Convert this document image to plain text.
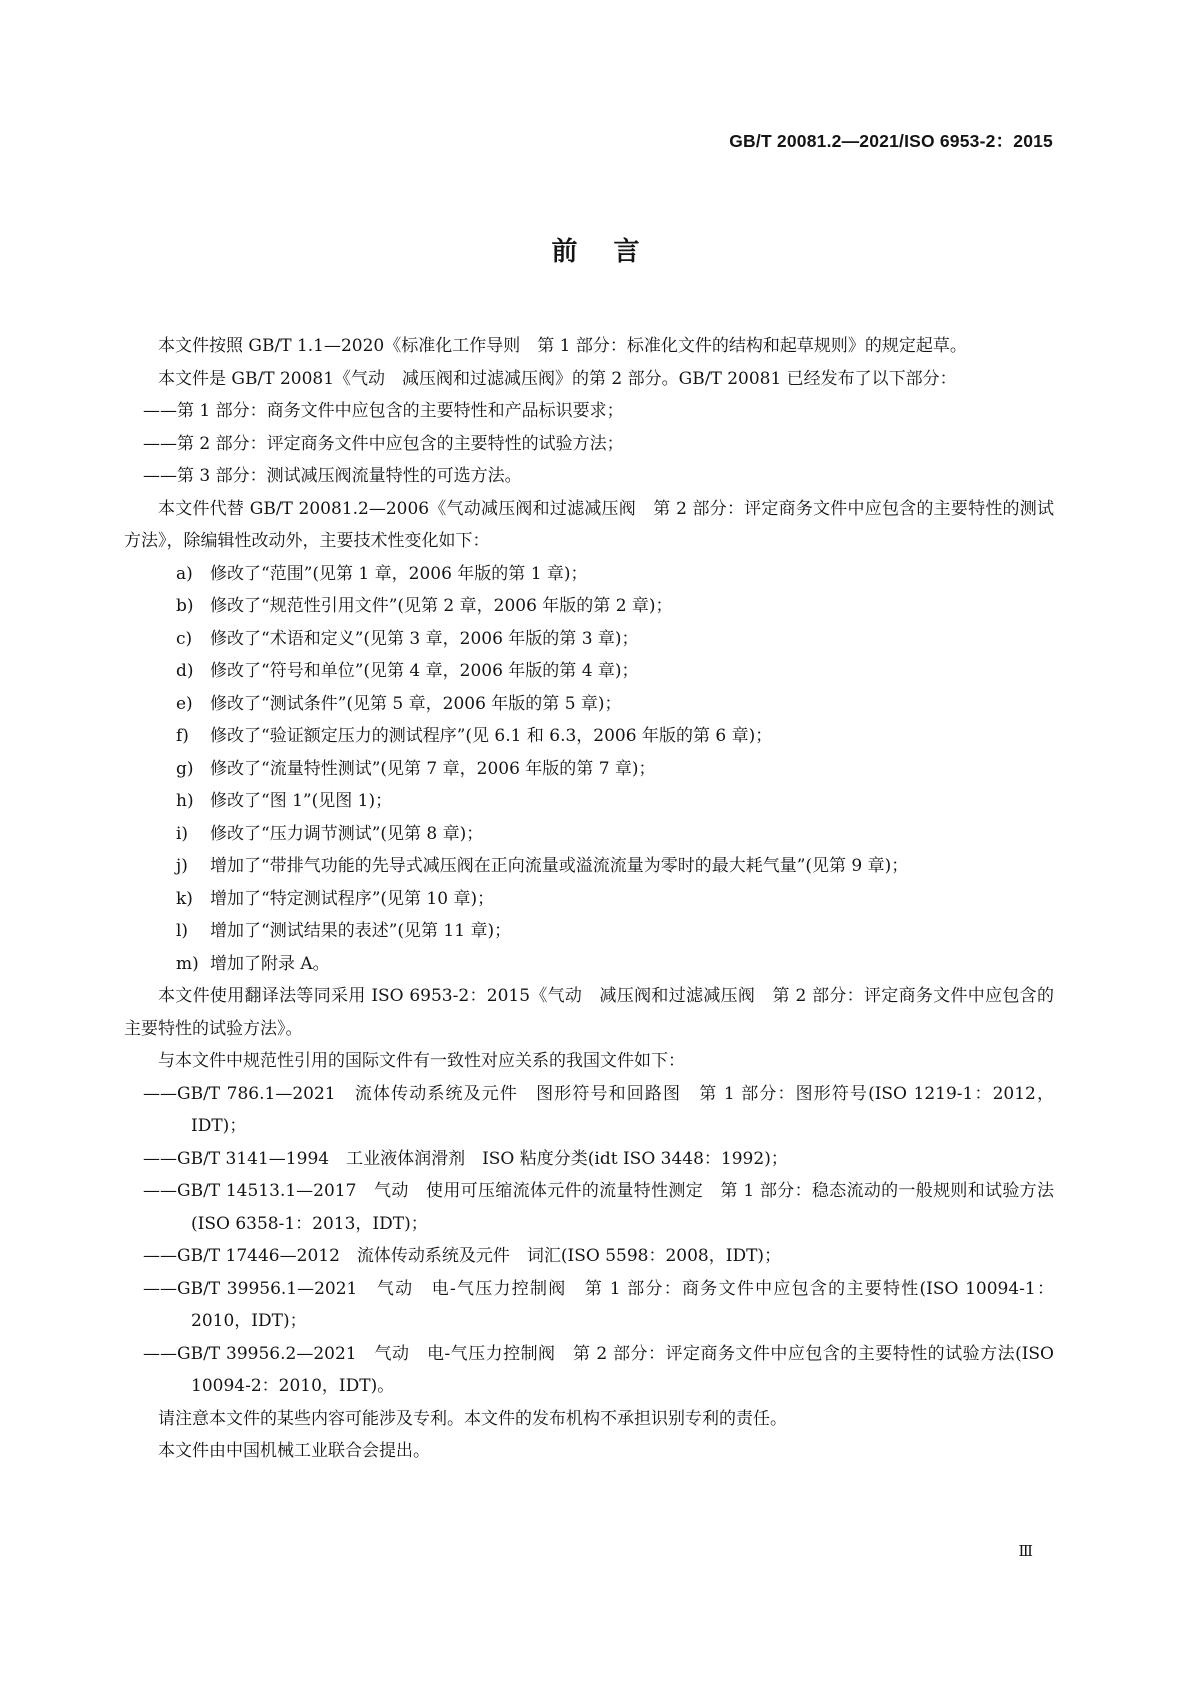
GB/T 20081.2—2021/ISO 6953-2：2015
前言

本文件按照 GB/T 1.1—2020《标准化工作导则　第 1 部分：标准化文件的结构和起草规则》的规定起草。

本文件是 GB/T 20081《气动　减压阀和过滤减压阀》的第 2 部分。GB/T 20081 已经发布了以下部分：

——第 1 部分：商务文件中应包含的主要特性和产品标识要求；

——第 2 部分：评定商务文件中应包含的主要特性的试验方法；

——第 3 部分：测试减压阀流量特性的可选方法。

本文件代替 GB/T 20081.2—2006《气动减压阀和过滤减压阀　第 2 部分：评定商务文件中应包含的主要特性的测试方法》，除编辑性改动外，主要技术性变化如下：

a)	修改了“范围”(见第 1 章，2006 年版的第 1 章)；
b) 修改了“规范性引用文件”(见第 2 章，2006 年版的第 2 章)；
c)	修改了“术语和定义”(见第 3 章，2006 年版的第 3 章)；
d) 修改了“符号和单位”(见第 4 章，2006 年版的第 4 章)；
e)	修改了“测试条件”(见第 5 章，2006 年版的第 5 章)；
f)	修改了“验证额定压力的测试程序”(见 6.1 和 6.3，2006 年版的第 6 章)；
g) 修改了“流量特性测试”(见第 7 章，2006 年版的第 7 章)；
h) 修改了“图 1”(见图 1)；
i)	修改了“压力调节测试”(见第 8 章)；
j)	增加了“带排气功能的先导式减压阀在正向流量或溢流流量为零时的最大耗气量”(见第 9 章)；
k)	增加了“特定测试程序”(见第 10 章)；
l)	增加了“测试结果的表述”(见第 11 章)；
m) 增加了附录 A。

本文件使用翻译法等同采用 ISO 6953-2：2015《气动　减压阀和过滤减压阀　第 2 部分：评定商务文件中应包含的主要特性的试验方法》。

与本文件中规范性引用的国际文件有一致性对应关系的我国文件如下：

——GB/T 786.1—2021　流体传动系统及元件　图形符号和回路图　第 1 部分：图形符号(ISO 1219-1：2012，IDT)；

——GB/T 3141—1994　工业液体润滑剂　ISO 粘度分类(idt ISO 3448：1992)；

——GB/T 14513.1—2017　气动　使用可压缩流体元件的流量特性测定　第 1 部分：稳态流动的一般规则和试验方法(ISO 6358-1：2013，IDT)；

——GB/T 17446—2012　流体传动系统及元件　词汇(ISO 5598：2008，IDT)；

——GB/T 39956.1—2021　气动　电-气压力控制阀　第 1 部分：商务文件中应包含的主要特性(ISO 10094-1：2010，IDT)；

——GB/T 39956.2—2021　气动　电-气压力控制阀　第 2 部分：评定商务文件中应包含的主要特性的试验方法(ISO 10094-2：2010，IDT)。

请注意本文件的某些内容可能涉及专利。本文件的发布机构不承担识别专利的责任。

本文件由中国机械工业联合会提出。

Ⅲ
